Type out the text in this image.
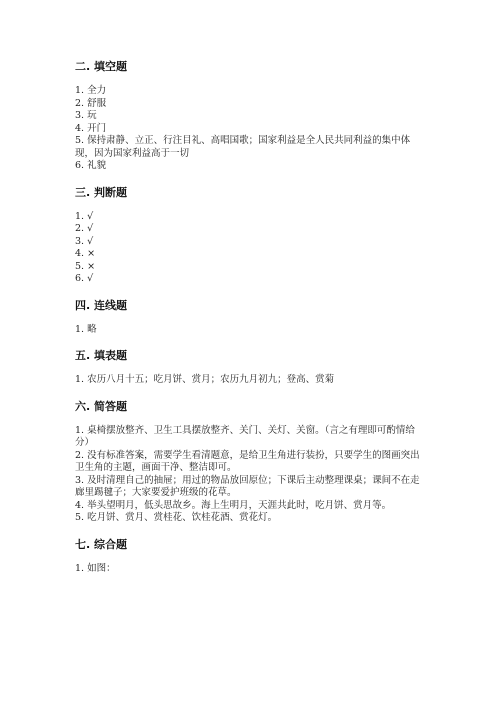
二. 填空题
1. 全力
2. 舒服
3. 玩
4. 开门
5. 保持肃静、立正、行注目礼、高唱国歌；国家利益是全人民共同利益的集中体现，因为国家利益高于一切
6. 礼貌
三. 判断题
1. √
2. √
3. √
4. ×
5. ×
6. √
四. 连线题
1. 略
五. 填表题
1. 农历八月十五；吃月饼、赏月；农历九月初九；登高、赏菊
六. 简答题
1. 桌椅摆放整齐、卫生工具摆放整齐、关门、关灯、关窗。（言之有理即可酌情给分）
2. 没有标准答案，需要学生看清题意，是给卫生角进行装扮，只要学生的图画突出卫生角的主题，画面干净、整洁即可。
3. 及时清理自己的抽屉；用过的物品放回原位；下课后主动整理课桌；课间不在走廊里踢毽子；大家要爱护班级的花草。
4. 举头望明月，低头思故乡。海上生明月，天涯共此时，吃月饼、赏月等。
5. 吃月饼、赏月、赏桂花、饮桂花酒、赏花灯。
七. 综合题
1. 如图：
